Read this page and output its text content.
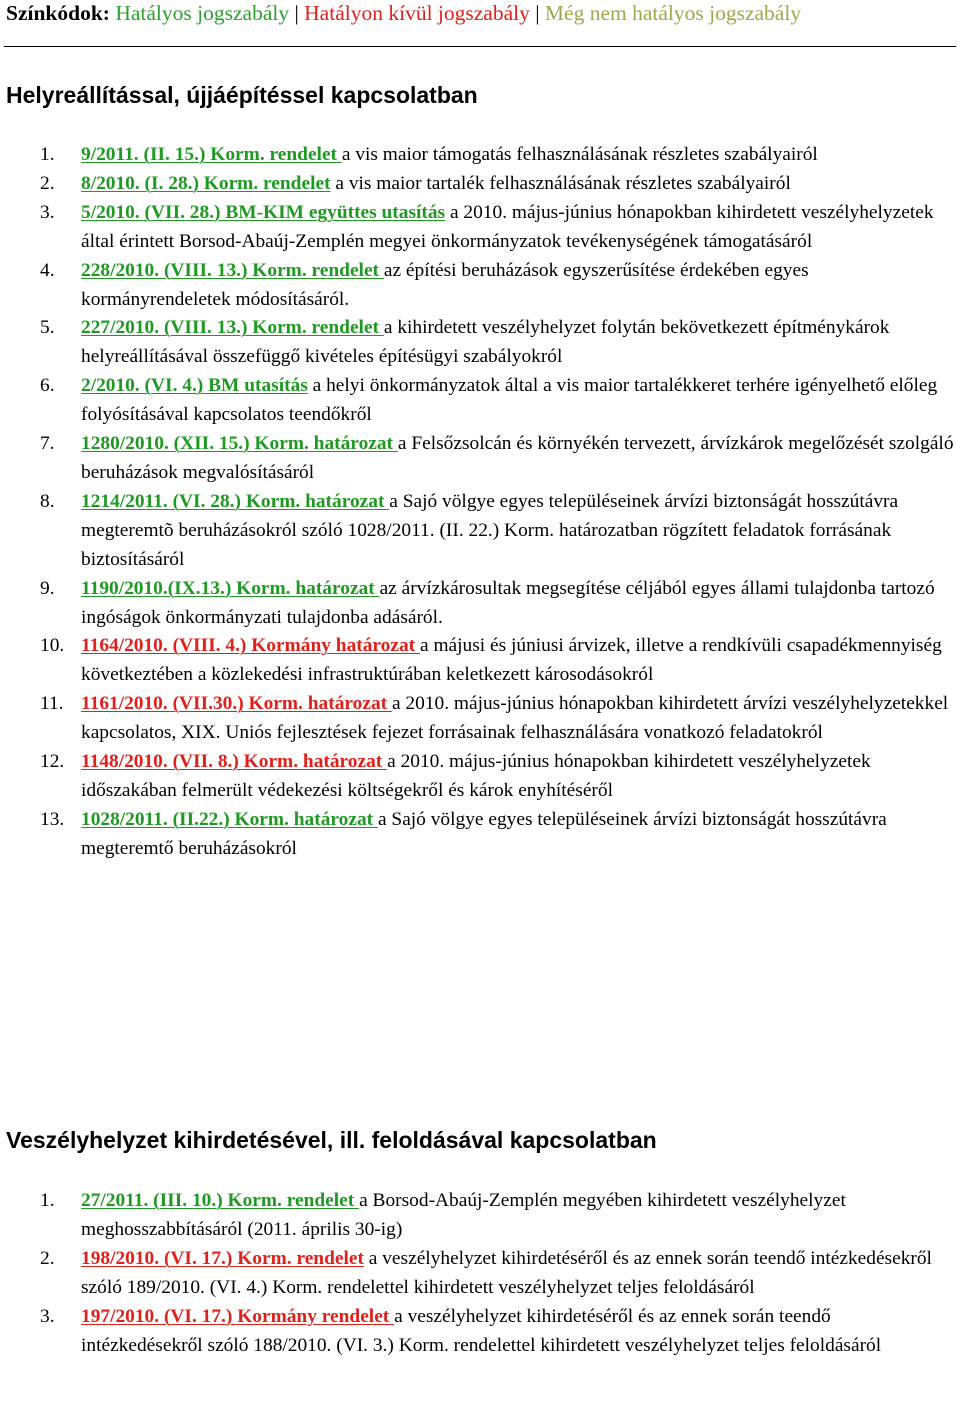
Színkódok: Hatályos jogszabály | Hatályon kívül jogszabály | Még nem hatályos jogszabály
Helyreállítással, újjáépítéssel kapcsolatban
1. 9/2011. (II. 15.) Korm. rendelet a vis maior támogatás felhasználásának részletes szabályairól
2. 8/2010. (I. 28.) Korm. rendelet a vis maior tartalék felhasználásának részletes szabályairól
3. 5/2010. (VII. 28.) BM-KIM együttes utasítás a 2010. május-június hónapokban kihirdetett veszélyhelyzetek által érintett Borsod-Abaúj-Zemplén megyei önkormányzatok tevékenységének támogatásáról
4. 228/2010. (VIII. 13.) Korm. rendelet az építési beruházások egyszerűsítése érdekében egyes kormányrendeletek módosításáról.
5. 227/2010. (VIII. 13.) Korm. rendelet a kihirdetett veszélyhelyzet folytán bekövetkezett építménykárok helyreállításával összefüggő kivételes építésügyi szabályokról
6. 2/2010. (VI. 4.) BM utasítás a helyi önkormányzatok által a vis maior tartalékkeret terhére igényelhető előleg folyósításával kapcsolatos teendőkről
7. 1280/2010. (XII. 15.) Korm. határozat a Felsőzsolcán és környékén tervezett, árvízkárok megelőzését szolgáló beruházások megvalósításáról
8. 1214/2011. (VI. 28.) Korm. határozat a Sajó völgye egyes településeinek árvízi biztonságát hosszútávra megteremtõ beruházásokról szóló 1028/2011. (II. 22.) Korm. határozatban rögzített feladatok forrásának biztosításáról
9. 1190/2010.(IX.13.) Korm. határozat az árvízkárosultak megsegítése céljából egyes állami tulajdonba tartozó ingóságok önkormányzati tulajdonba adásáról.
10. 1164/2010. (VIII. 4.) Kormány határozat a májusi és júniusi árvizek, illetve a rendkívüli csapadékmennyiség következtében a közlekedési infrastruktúrában keletkezett károsodásokról
11. 1161/2010. (VII.30.) Korm. határozat a 2010. május-június hónapokban kihirdetett árvízi veszélyhelyzetekkel kapcsolatos, XIX. Uniós fejlesztések fejezet forrásainak felhasználására vonatkozó feladatokról
12. 1148/2010. (VII. 8.) Korm. határozat a 2010. május-június hónapokban kihirdetett veszélyhelyzetek időszakában felmerült védekezési költségekről és károk enyhítéséről
13. 1028/2011. (II.22.) Korm. határozat a Sajó völgye egyes településeinek árvízi biztonságát hosszútávra megteremtő beruházásokról
Veszélyhelyzet kihirdetésével, ill. feloldásával kapcsolatban
1. 27/2011. (III. 10.) Korm. rendelet a Borsod-Abaúj-Zemplén megyében kihirdetett veszélyhelyzet meghosszabbításáról (2011. április 30-ig)
2. 198/2010. (VI. 17.) Korm. rendelet a veszélyhelyzet kihirdetéséről és az ennek során teendő intézkedésekről szóló 189/2010. (VI. 4.) Korm. rendelettel kihirdetett veszélyhelyzet teljes feloldásáról
3. 197/2010. (VI. 17.) Kormány rendelet a veszélyhelyzet kihirdetéséről és az ennek során teendő intézkedésekről szóló 188/2010. (VI. 3.) Korm. rendelettel kihirdetett veszélyhelyzet teljes feloldásáról
